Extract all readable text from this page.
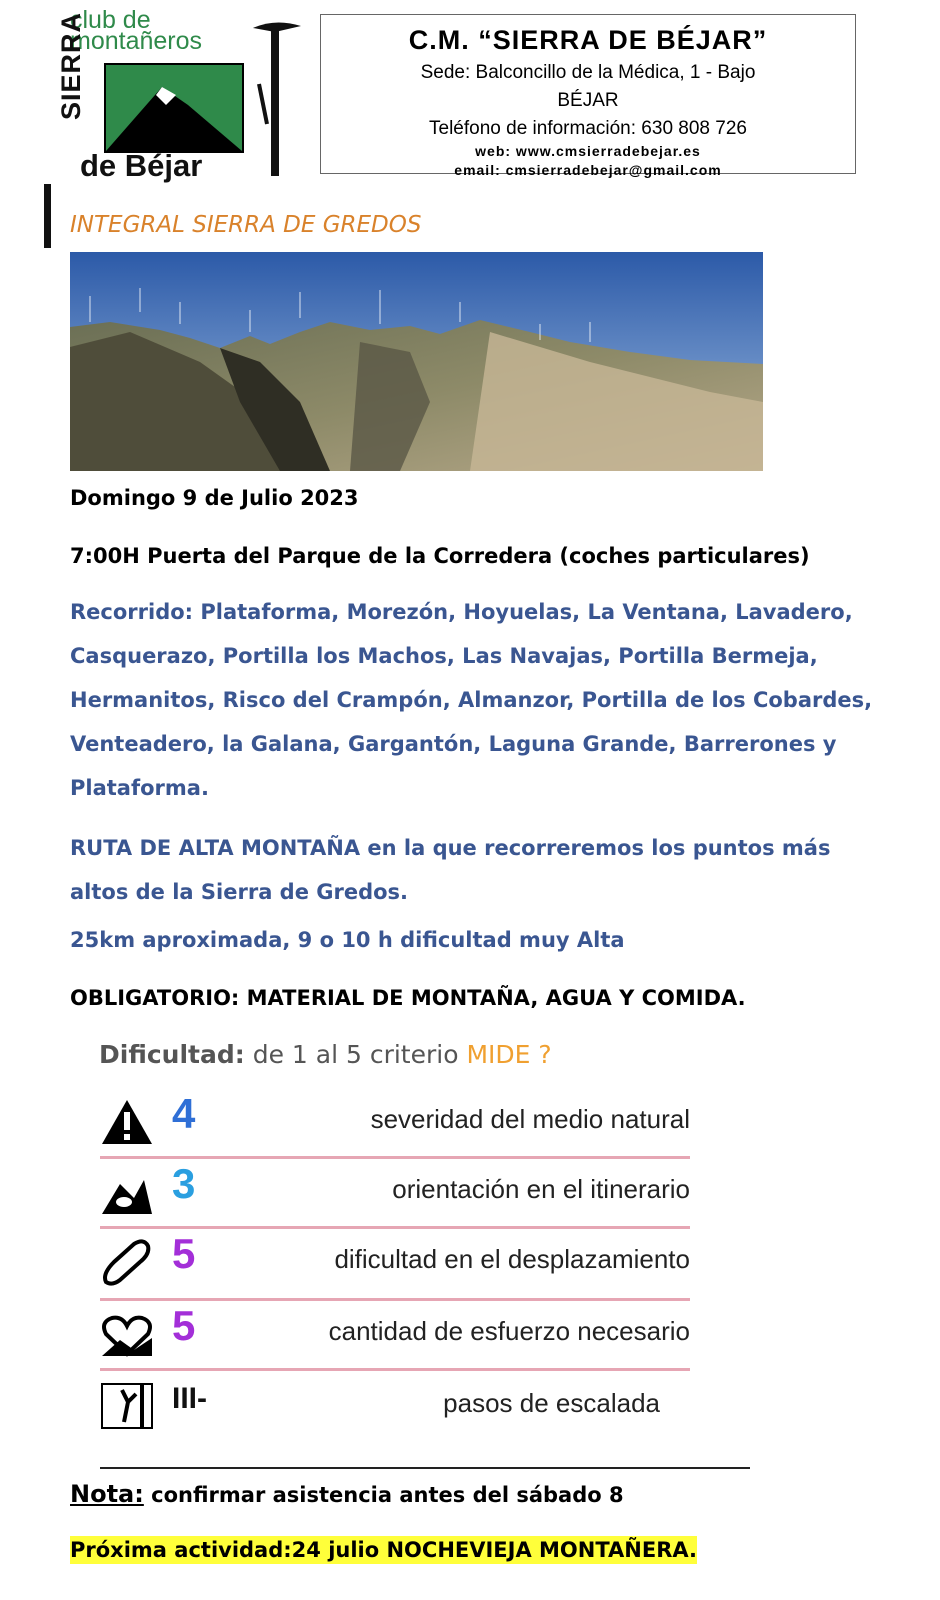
club de
montañeros
SIERRA
de Béjar
C.M. “SIERRA DE BÉJAR”
Sede: Balconcillo de la Médica, 1 - Bajo
BÉJAR
Teléfono de información: 630 808 726
web: www.cmsierradebejar.es
email: cmsierradebejar@gmail.com
INTEGRAL SIERRA DE GREDOS
Domingo 9 de Julio 2023
7:00H Puerta del Parque de la Corredera (coches particulares)
Recorrido: Plataforma, Morezón, Hoyuelas, La Ventana, Lavadero, Casquerazo, Portilla los Machos, Las Navajas, Portilla Bermeja, Hermanitos, Risco del Crampón, Almanzor, Portilla de los Cobardes, Venteadero, la Galana, Gargantón, Laguna Grande, Barrerones y Plataforma.
RUTA DE ALTA MONTAÑA en la que recorreremos los puntos más altos de la Sierra de Gredos.
25km aproximada, 9 o 10 h dificultad muy Alta
OBLIGATORIO: MATERIAL DE MONTAÑA, AGUA Y COMIDA.
Dificultad: de 1 al 5 criterio MIDE ?
4	severidad del medio natural
3	orientación en el itinerario
5	dificultad en el desplazamiento
5	cantidad de esfuerzo necesario
III-	pasos de escalada
Nota: confirmar asistencia antes del sábado 8
Próxima actividad:24 julio NOCHEVIEJA MONTAÑERA.
